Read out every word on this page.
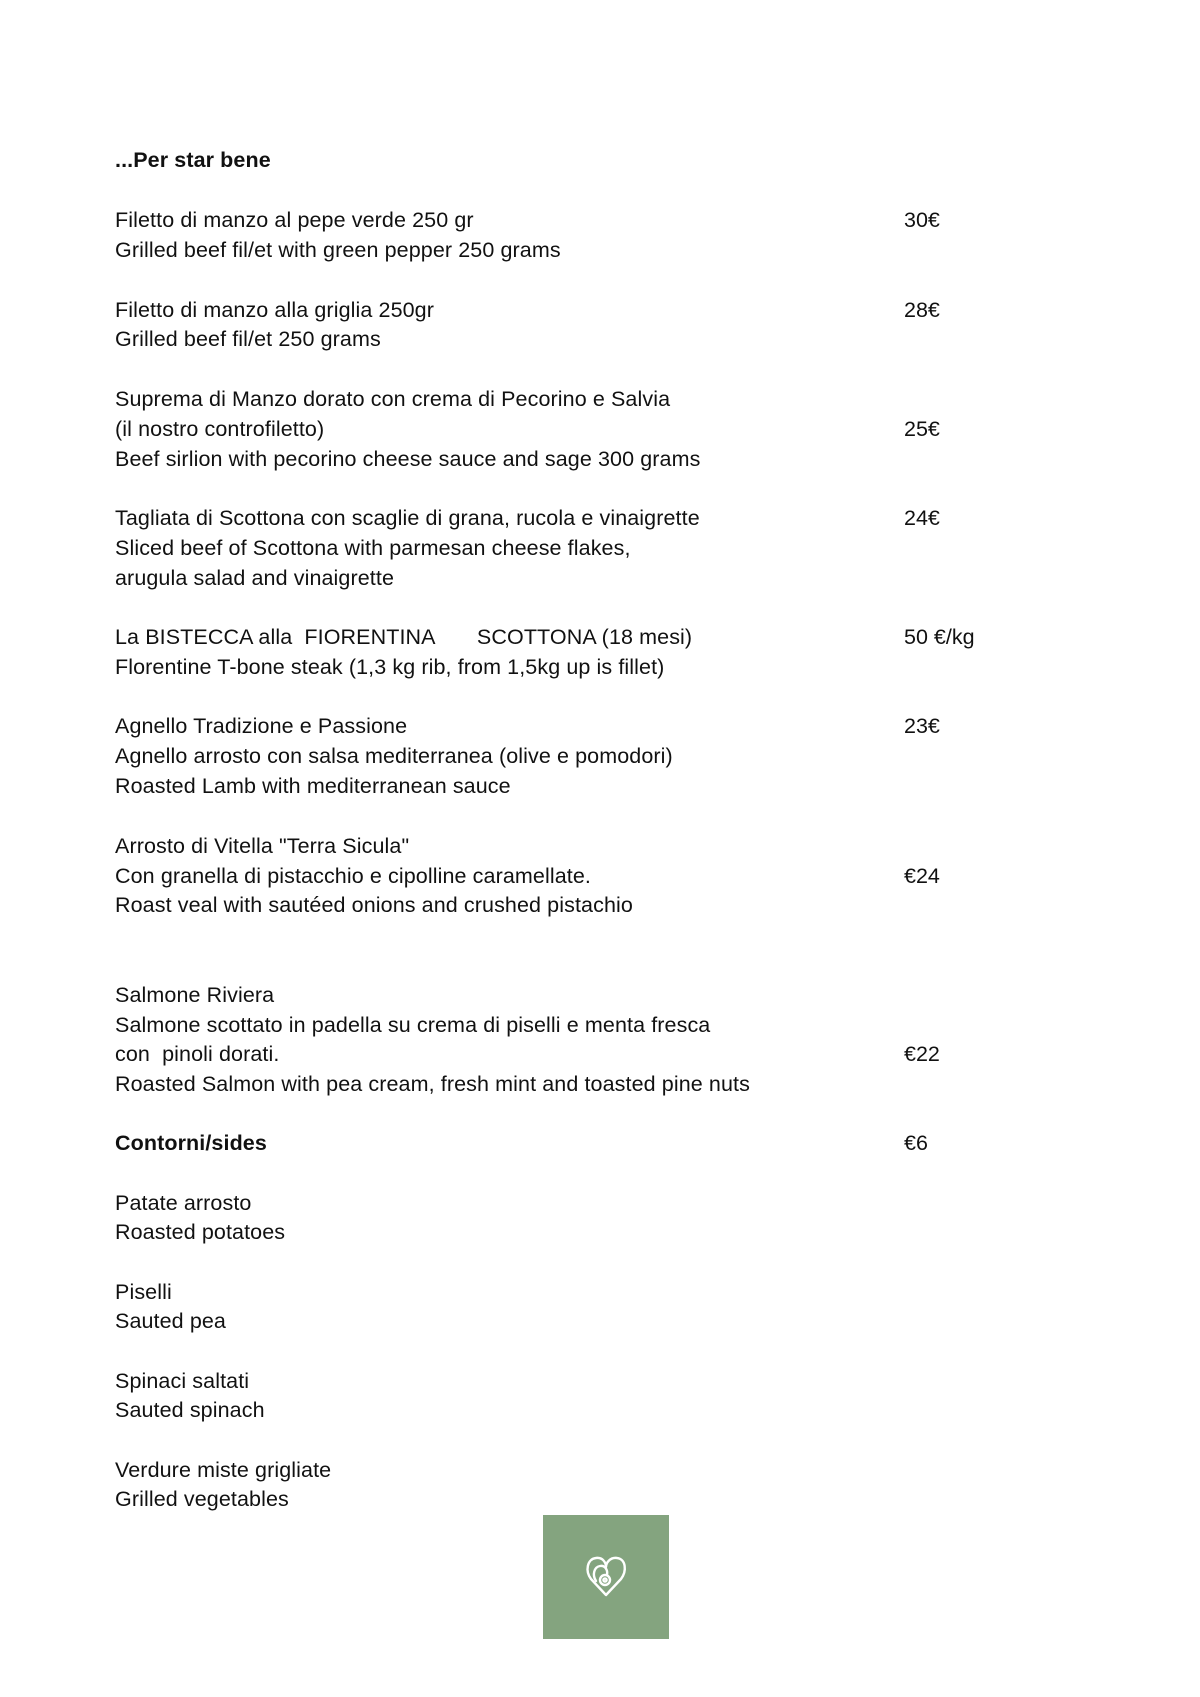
...Per star bene
Filetto di manzo al pepe verde 250 gr
Grilled beef fil/et with green pepper 250 grams
30€
Filetto di manzo alla griglia 250gr
Grilled beef fil/et 250 grams
28€
Suprema di Manzo dorato con crema di Pecorino e Salvia
(il nostro controfiletto)
Beef sirlion with pecorino cheese sauce and sage 300 grams
25€
Tagliata di Scottona con scaglie di grana, rucola e vinaigrette
Sliced beef of Scottona with parmesan cheese flakes,
arugula salad and vinaigrette
24€
La BISTECCA alla  FIORENTINA       SCOTTONA (18 mesi)
Florentine T-bone steak (1,3 kg rib, from 1,5kg up is fillet)
50 €/kg
Agnello Tradizione e Passione
Agnello arrosto con salsa mediterranea (olive e pomodori)
Roasted Lamb with mediterranean sauce
23€
Arrosto di Vitella "Terra Sicula"
Con granella di pistacchio e cipolline caramellate.
Roast veal with sautéed onions and crushed pistachio
€24
Salmone Riviera
Salmone scottato in padella su crema di piselli e menta fresca
con  pinoli dorati.
Roasted Salmon with pea cream, fresh mint and toasted pine nuts
€22
Contorni/sides	€6
Patate arrosto
Roasted potatoes
Piselli
Sauted pea
Spinaci saltati
Sauted spinach
Verdure miste grigliate
Grilled vegetables
